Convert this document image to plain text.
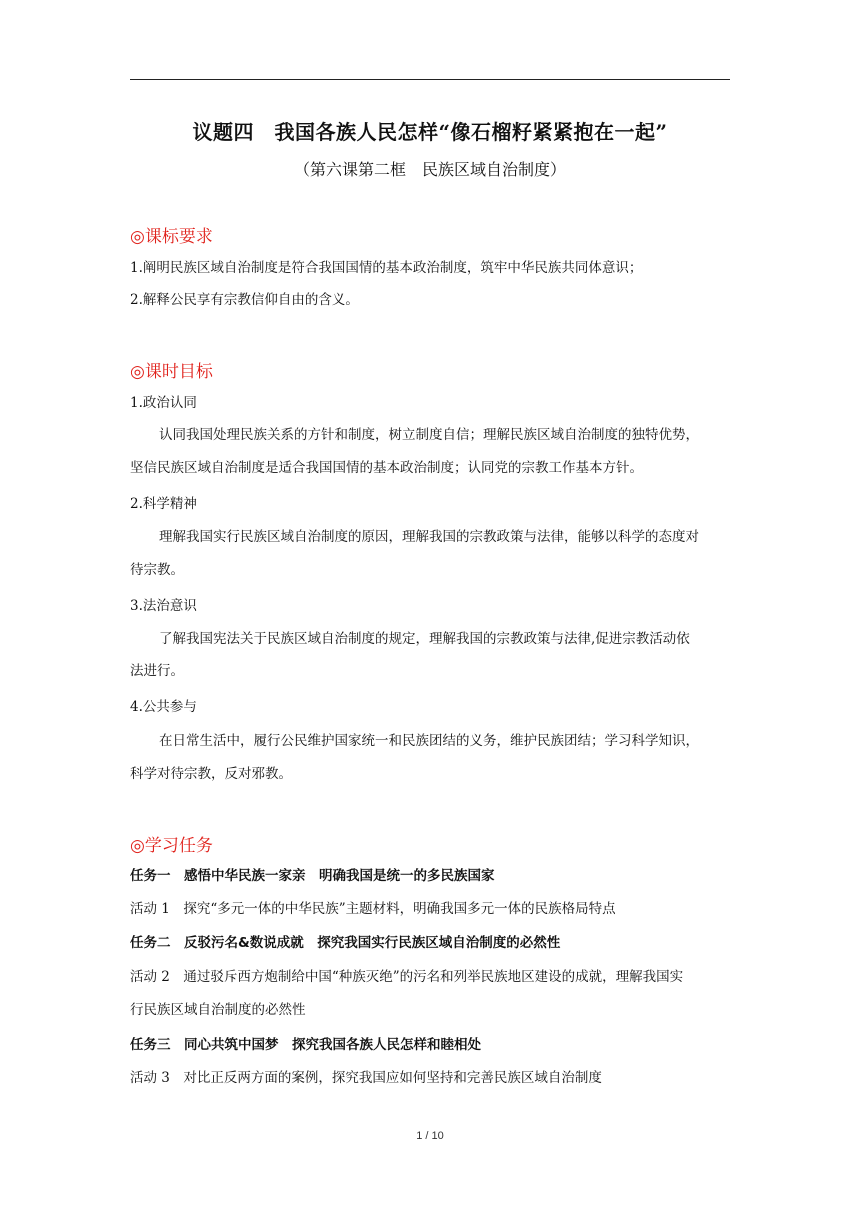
议题四　我国各族人民怎样“像石榴籽紧紧抱在一起”
（第六课第二框　民族区域自治制度）
◎课标要求
1.阐明民族区域自治制度是符合我国国情的基本政治制度，筑牢中华民族共同体意识；
2.解释公民享有宗教信仰自由的含义。
◎课时目标
1.政治认同
认同我国处理民族关系的方针和制度，树立制度自信；理解民族区域自治制度的独特优势，
坚信民族区域自治制度是适合我国国情的基本政治制度；认同党的宗教工作基本方针。
2.科学精神
理解我国实行民族区域自治制度的原因，理解我国的宗教政策与法律，能够以科学的态度对
待宗教。
3.法治意识
了解我国宪法关于民族区域自治制度的规定，理解我国的宗教政策与法律,促进宗教活动依
法进行。
4.公共参与
在日常生活中，履行公民维护国家统一和民族团结的义务，维护民族团结；学习科学知识，
科学对待宗教，反对邪教。
◎学习任务
任务一　感悟中华民族一家亲　明确我国是统一的多民族国家
活动 1　探究“多元一体的中华民族”主题材料，明确我国多元一体的民族格局特点
任务二　反驳污名&数说成就　探究我国实行民族区域自治制度的必然性
活动 2　通过驳斥西方炮制给中国“种族灭绝”的污名和列举民族地区建设的成就，理解我国实
行民族区域自治制度的必然性
任务三　同心共筑中国梦　探究我国各族人民怎样和睦相处
活动 3　对比正反两方面的案例，探究我国应如何坚持和完善民族区域自治制度
1 / 10
